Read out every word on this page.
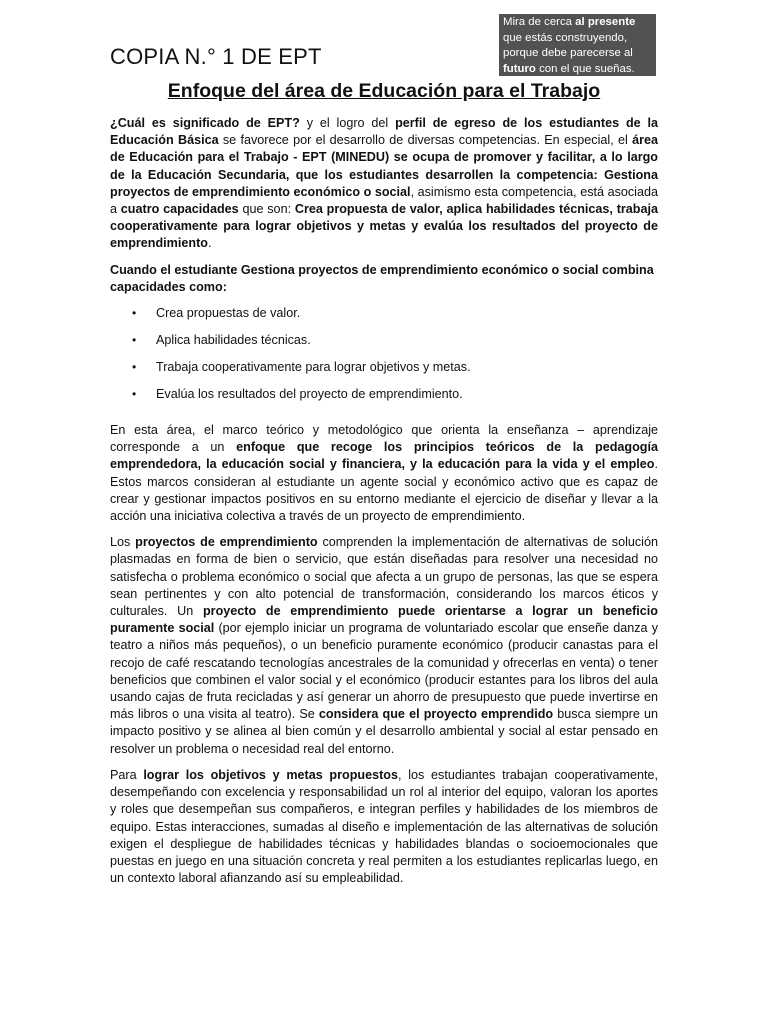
Mira de cerca al presente
que estás construyendo,
porque debe parecerse al
futuro con el que sueñas.
COPIA N.° 1 DE EPT
Enfoque del área de Educación para el Trabajo

¿Cuál es significado de EPT? y el logro del perfil de egreso de los estudiantes de la Educación Básica se favorece por el desarrollo de diversas competencias. En especial, el área de Educación para el Trabajo - EPT (MINEDU) se ocupa de promover y facilitar, a lo largo de la Educación Secundaria, que los estudiantes desarrollen la competencia: Gestiona proyectos de emprendimiento económico o social, asimismo esta competencia, está asociada a cuatro capacidades que son: Crea propuesta de valor, aplica habilidades técnicas, trabaja cooperativamente para lograr objetivos y metas y evalúa los resultados del proyecto de emprendimiento.

Cuando el estudiante Gestiona proyectos de emprendimiento económico o social combina capacidades como:

• Crea propuestas de valor.
• Aplica habilidades técnicas.
• Trabaja cooperativamente para lograr objetivos y metas.
• Evalúa los resultados del proyecto de emprendimiento.

En esta área, el marco teórico y metodológico que orienta la enseñanza – aprendizaje corresponde a un enfoque que recoge los principios teóricos de la pedagogía emprendedora, la educación social y financiera, y la educación para la vida y el empleo. Estos marcos consideran al estudiante un agente social y económico activo que es capaz de crear y gestionar impactos positivos en su entorno mediante el ejercicio de diseñar y llevar a la acción una iniciativa colectiva a través de un proyecto de emprendimiento.

Los proyectos de emprendimiento comprenden la implementación de alternativas de solución plasmadas en forma de bien o servicio, que están diseñadas para resolver una necesidad no satisfecha o problema económico o social que afecta a un grupo de personas, las que se espera sean pertinentes y con alto potencial de transformación, considerando los marcos éticos y culturales. Un proyecto de emprendimiento puede orientarse a lograr un beneficio puramente social (por ejemplo iniciar un programa de voluntariado escolar que enseñe danza y teatro a niños más pequeños), o un beneficio puramente económico (producir canastas para el recojo de café rescatando tecnologías ancestrales de la comunidad y ofrecerlas en venta) o tener beneficios que combinen el valor social y el económico (producir estantes para los libros del aula usando cajas de fruta recicladas y así generar un ahorro de presupuesto que puede invertirse en más libros o una visita al teatro). Se considera que el proyecto emprendido busca siempre un impacto positivo y se alinea al bien común y el desarrollo ambiental y social al estar pensado en resolver un problema o necesidad real del entorno.

Para lograr los objetivos y metas propuestos, los estudiantes trabajan cooperativamente, desempeñando con excelencia y responsabilidad un rol al interior del equipo, valoran los aportes y roles que desempeñan sus compañeros, e integran perfiles y habilidades de los miembros de equipo. Estas interacciones, sumadas al diseño e implementación de las alternativas de solución exigen el despliegue de habilidades técnicas y habilidades blandas o socioemocionales que puestas en juego en una situación concreta y real permiten a los estudiantes replicarlas luego, en un contexto laboral afianzando así su empleabilidad.
